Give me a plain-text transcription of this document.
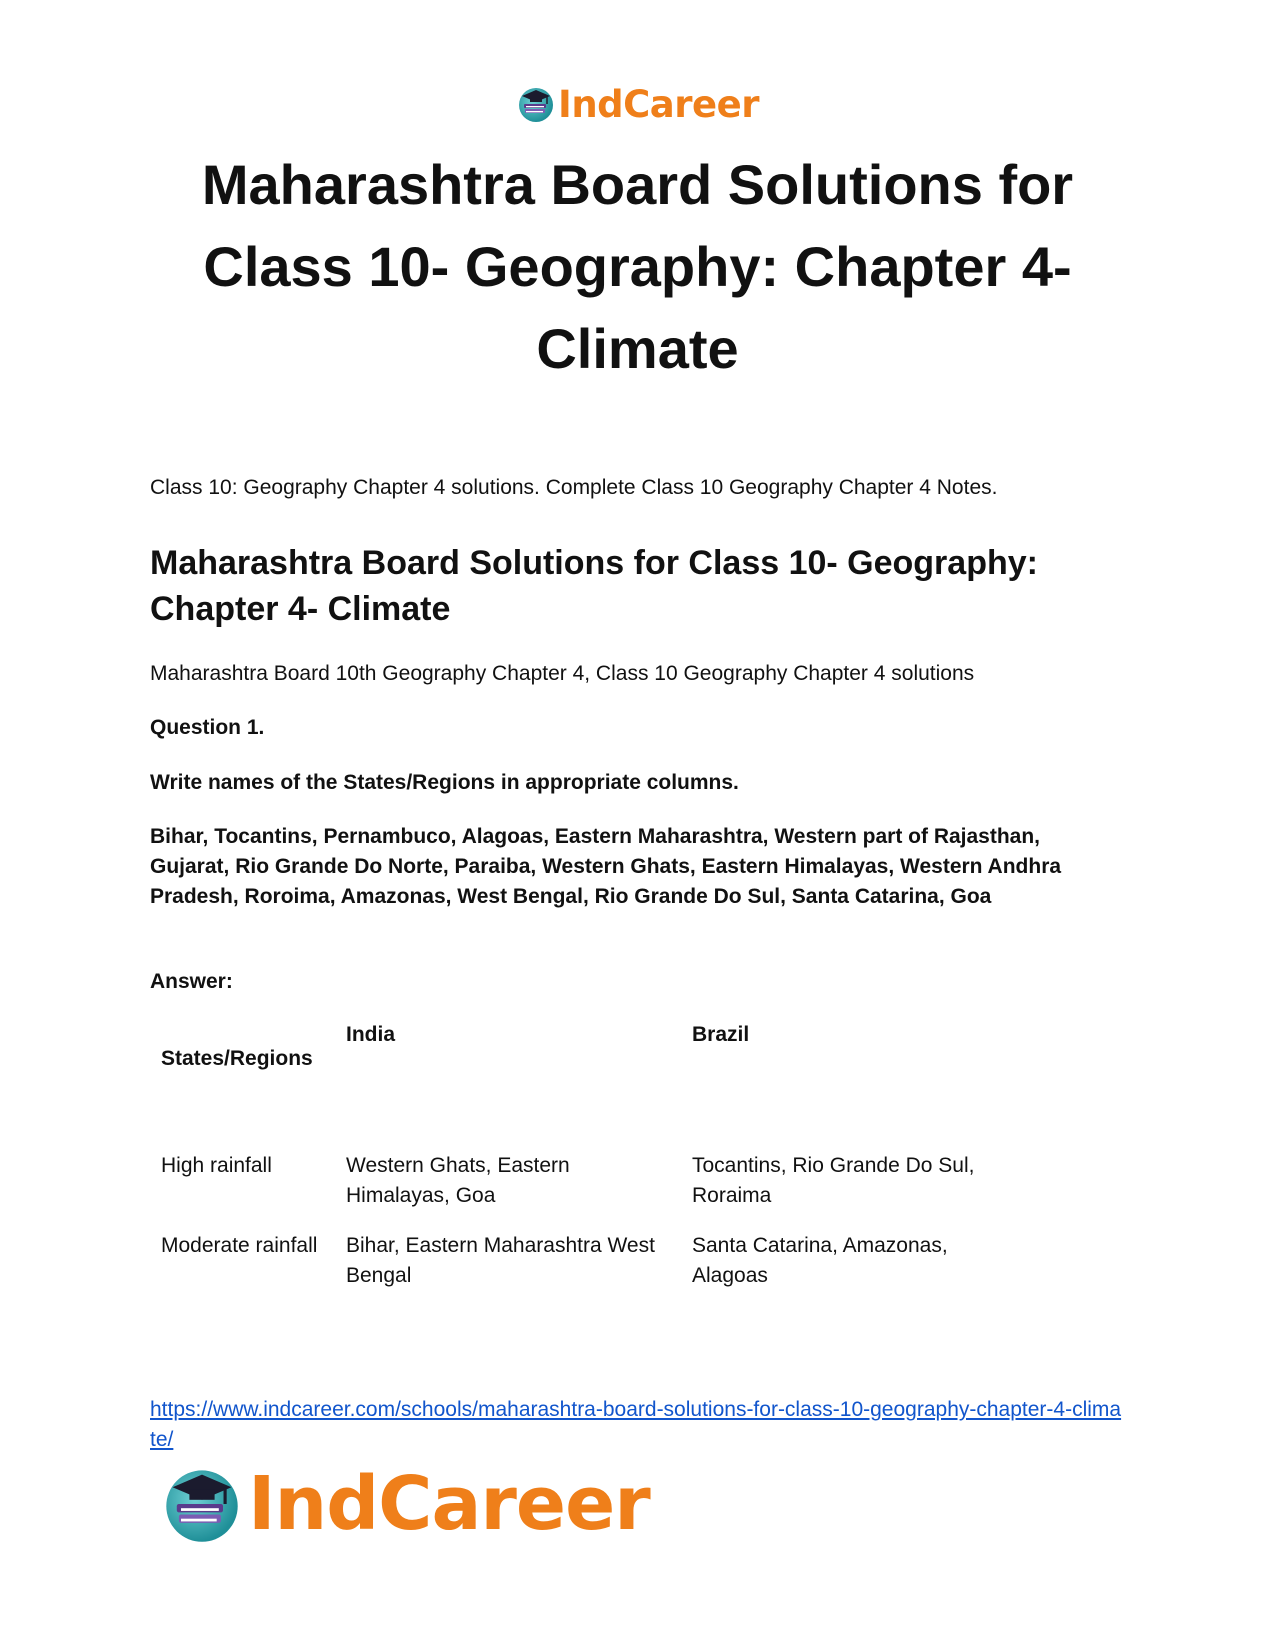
IndCareer
Maharashtra Board Solutions for Class 10- Geography: Chapter 4- Climate

Class 10: Geography Chapter 4 solutions. Complete Class 10 Geography Chapter 4 Notes.

Maharashtra Board Solutions for Class 10- Geography: Chapter 4- Climate

Maharashtra Board 10th Geography Chapter 4, Class 10 Geography Chapter 4 solutions

Question 1.

Write names of the States/Regions in appropriate columns.

Bihar, Tocantins, Pernambuco, Alagoas, Eastern Maharashtra, Western part of Rajasthan, Gujarat, Rio Grande Do Norte, Paraiba, Western Ghats, Eastern Himalayas, Western Andhra Pradesh, Roroima, Amazonas, West Bengal, Rio Grande Do Sul, Santa Catarina, Goa

Answer:

States/Regions
India	Brazil
High rainfall	Western Ghats, Eastern Himalayas, Goa
Tocantins, Rio Grande Do Sul, Roraima
Moderate rainfall Bihar, Eastern Maharashtra West Bengal
Santa Catarina, Amazonas, Alagoas
https://www.indcareer.com/schools/maharashtra-board-solutions-for-class-10-geography-chapter-4-climate/
IndCareer
